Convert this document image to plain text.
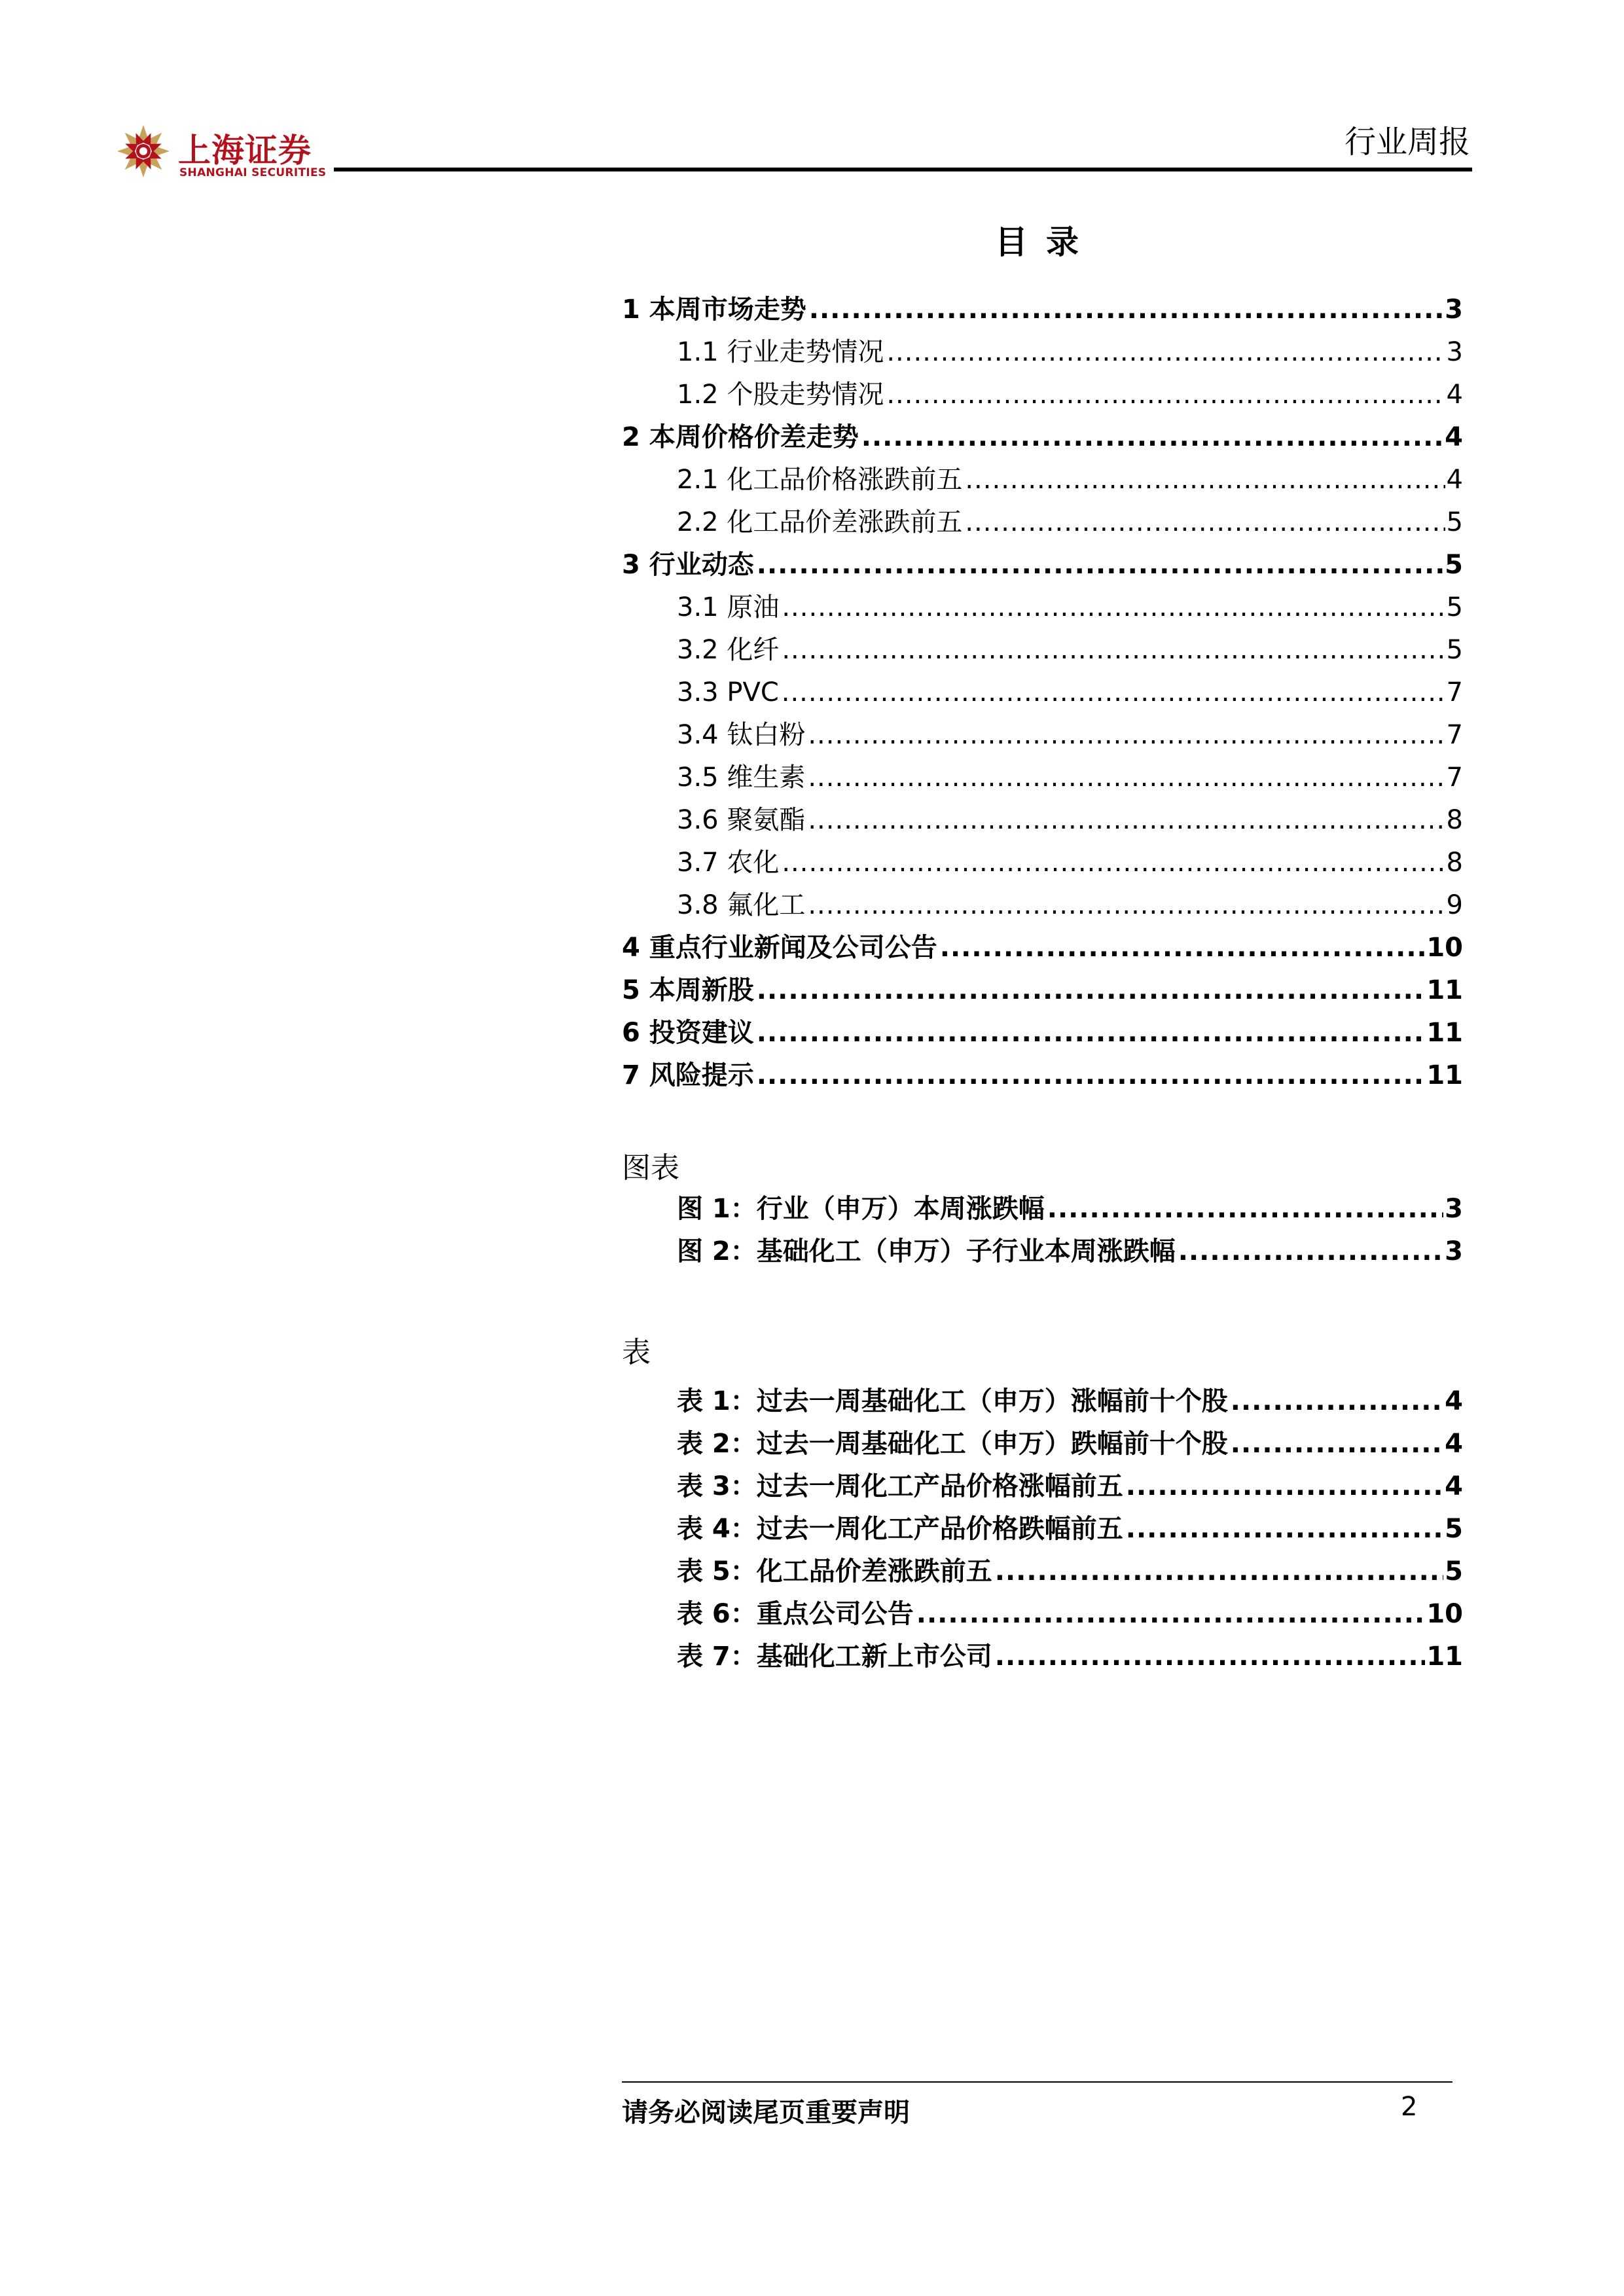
上海证券
SHANGHAI SECURITIES
行业周报
目录
1 本周市场走势 .....	3
1.1 行业走势情况 .....	3
1.2 个股走势情况 .....	4
2 本周价格价差走势 .....	4
2.1 化工品价格涨跌前五 .....	4
2.2 化工品价差涨跌前五 .....	5
3 行业动态 .....	5
3.1 原油 .....	5
3.2 化纤 .....	5
3.3 PVC .....	7
3.4 钛白粉 .....	7
3.5 维生素 .....	7
3.6 聚氨酯 .....	8
3.7 农化 .....	8
3.8 氟化工 .....	9
4 重点行业新闻及公司公告 .....	10
5 本周新股 .....	11
6 投资建议 .....	11
7 风险提示 .....	11
图表
图 1：行业（申万）本周涨跌幅 .....	3
图 2：基础化工（申万）子行业本周涨跌幅 .....	3
表
表 1：过去一周基础化工（申万）涨幅前十个股 .....	4
表 2：过去一周基础化工（申万）跌幅前十个股 .....	4
表 3：过去一周化工产品价格涨幅前五 .....	4
表 4：过去一周化工产品价格跌幅前五 .....	5
表 5：化工品价差涨跌前五 .....	5
表 6：重点公司公告 .....	10
表 7：基础化工新上市公司 .....	11
请务必阅读尾页重要声明	2
